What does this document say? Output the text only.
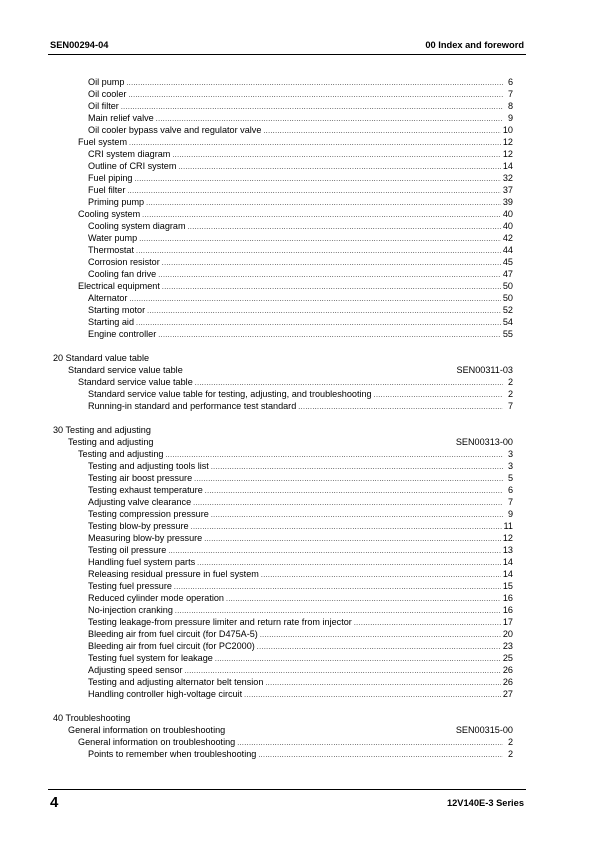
SEN00294-04	00 Index and foreword
Oil pump .....	6
Oil cooler .....	7
Oil filter .....	8
Main relief valve .....	9
Oil cooler bypass valve and regulator valve .....	10
Fuel system .....	12
CRI system diagram .....	12
Outline of CRI system .....	14
Fuel piping .....	32
Fuel filter .....	37
Priming pump .....	39
Cooling system .....	40
Cooling system diagram .....	40
Water pump .....	42
Thermostat .....	44
Corrosion resistor .....	45
Cooling fan drive .....	47
Electrical equipment .....	50
Alternator .....	50
Starting motor .....	52
Starting aid .....	54
Engine controller .....	55
20 Standard value table
Standard service value table	SEN00311-03
Standard service value table .....	2
Standard service value table for testing, adjusting, and troubleshooting .....	2
Running-in standard and performance test standard .....	7
30 Testing and adjusting
Testing and adjusting	SEN00313-00
Testing and adjusting .....	3
Testing and adjusting tools list .....	3
Testing air boost pressure .....	5
Testing exhaust temperature .....	6
Adjusting valve clearance .....	7
Testing compression pressure .....	9
Testing blow-by pressure .....	11
Measuring blow-by pressure .....	12
Testing oil pressure .....	13
Handling fuel system parts .....	14
Releasing residual pressure in fuel system .....	14
Testing fuel pressure .....	15
Reduced cylinder mode operation .....	16
No-injection cranking .....	16
Testing leakage-from pressure limiter and return rate from injector .....	17
Bleeding air from fuel circuit (for D475A-5) .....	20
Bleeding air from fuel circuit (for PC2000) .....	23
Testing fuel system for leakage .....	25
Adjusting speed sensor .....	26
Testing and adjusting alternator belt tension .....	26
Handling controller high-voltage circuit .....	27
40 Troubleshooting
General information on troubleshooting	SEN00315-00
General information on troubleshooting .....	2
Points to remember when troubleshooting .....	2
4	12V140E-3 Series
